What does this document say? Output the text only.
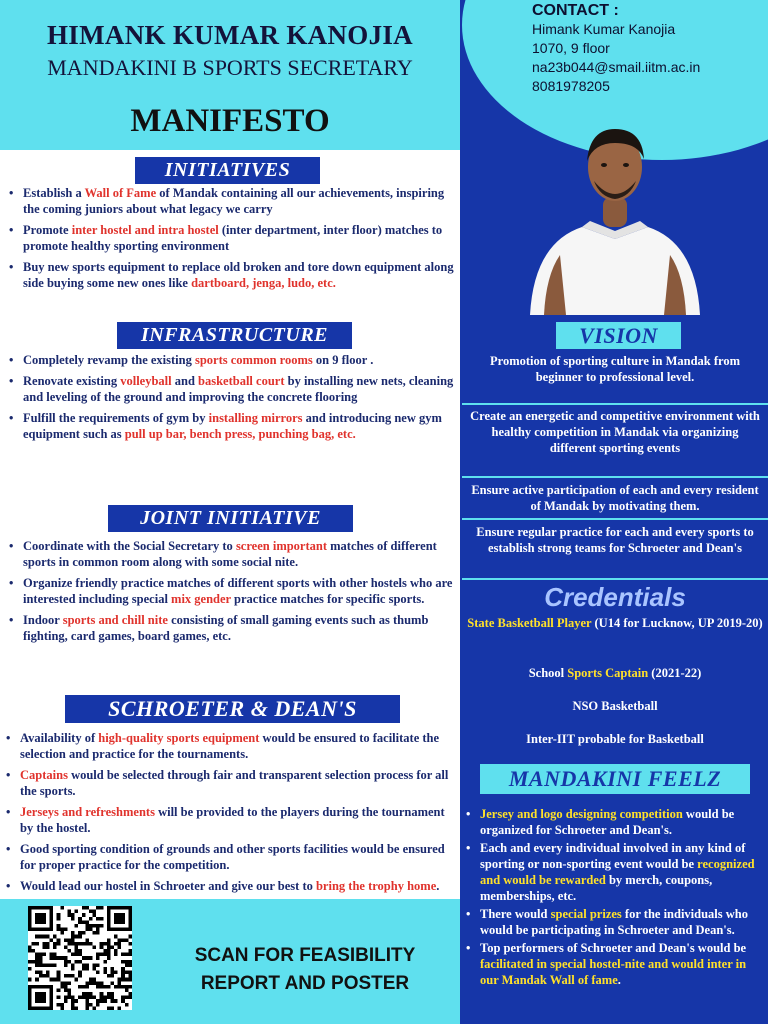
CONTACT :
Himank Kumar Kanojia
1070, 9 floor
na23b044@smail.iitm.ac.in
8081978205
HIMANK KUMAR KANOJIA
MANDAKINI B SPORTS SECRETARY
MANIFESTO
INITIATIVES
• Establish a Wall of Fame of Mandak containing all our achievements, inspiring the coming juniors about what legacy we carry
• Promote inter hostel and intra hostel (inter department, inter floor) matches to promote healthy sporting environment
• Buy new sports equipment to replace old broken and tore down equipment along side buying some new ones like dartboard, jenga, ludo, etc.
INFRASTRUCTURE
• Completely revamp the existing sports common rooms on 9 floor .
• Renovate existing volleyball and basketball court by installing new nets, cleaning and leveling of the ground and improving the concrete flooring
• Fulfill the requirements of gym by installing mirrors and introducing new gym equipment such as pull up bar, bench press, punching bag, etc.
JOINT INITIATIVE
• Coordinate with the Social Secretary to screen important matches of different sports in common room along with some social nite.
• Organize friendly practice matches of different sports with other hostels who are interested including special mix gender practice matches for specific sports.
• Indoor sports and chill nite consisting of small gaming events such as thumb fighting, card games, board games, etc.
SCHROETER & DEAN'S
• Availability of high-quality sports equipment would be ensured to facilitate the selection and practice for the tournaments.
• Captains would be selected through fair and transparent selection process for all the sports.
• Jerseys and refreshments will be provided to the players during the tournament by the hostel.
• Good sporting condition of grounds and other sports facilities would be ensured for proper practice for the competition.
• Would lead our hostel in Schroeter and give our best to bring the trophy home.
SCAN FOR FEASIBILITY
REPORT AND POSTER
VISION
Promotion of sporting culture in Mandak from beginner to professional level.
Create an energetic and competitive environment with healthy competition in Mandak via organizing different sporting events
Ensure active participation of each and every resident of Mandak by motivating them.
Ensure regular practice for each and every sports to establish strong teams for Schroeter and Dean's
Credentials
State Basketball Player (U14 for Lucknow, UP 2019-20)
School Sports Captain (2021-22)
NSO Basketball
Inter-IIT probable for Basketball
MANDAKINI FEELZ
• Jersey and logo designing competition would be organized for Schroeter and Dean's.
• Each and every individual involved in any kind of sporting or non-sporting event would be recognized and would be rewarded by merch, coupons, memberships, etc.
• There would special prizes for the individuals who would be participating in Schroeter and Dean's.
• Top performers of Schroeter and Dean's would be facilitated in special hostel-nite and would inter in our Mandak Wall of fame.
